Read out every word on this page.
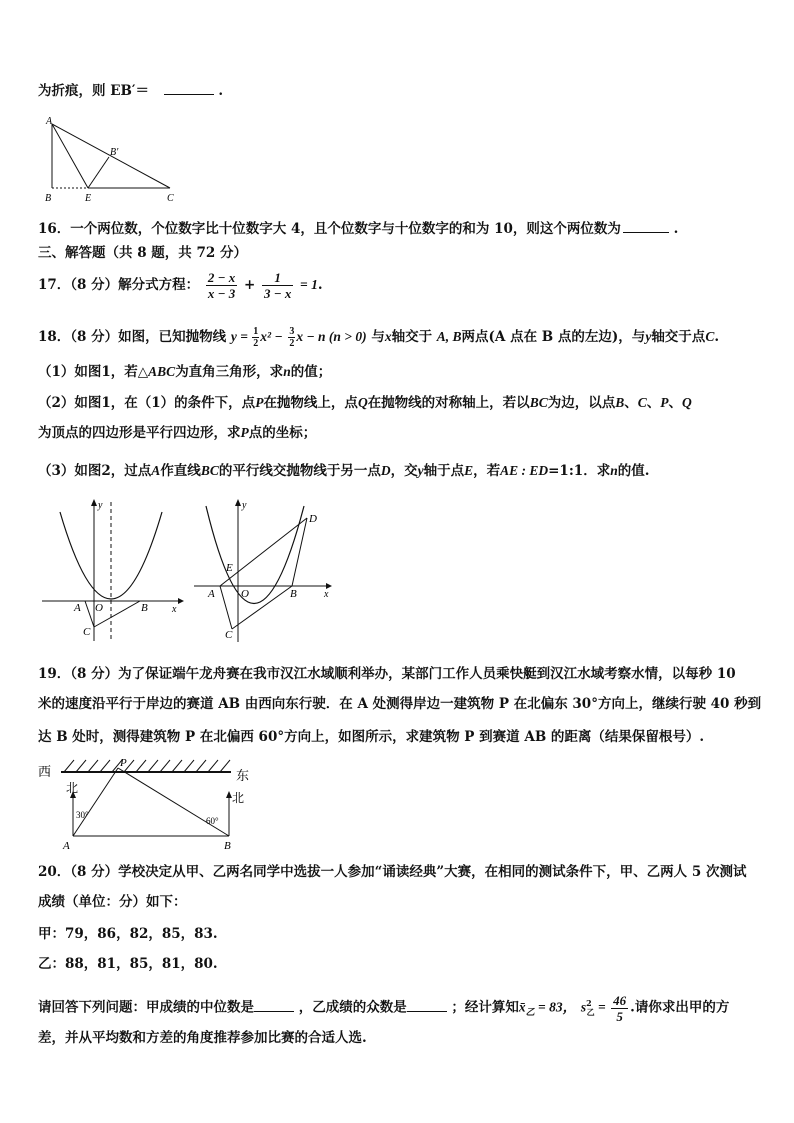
为折痕，则 EB′＝	.
A
B	E	C
B′
16．一个两位数，个位数字比十位数字大 4，且个位数字与十位数字的和为 10，则这个两位数为	.
三、解答题（共 8 题，共 72 分）
17．（8 分）解分式方程： $\frac{2 - x}{x - 3} + \frac{1}{3 - x} = 1$.
18．（8 分）如图，已知抛物线 $y = \frac{1}{2} x^2 - \frac{3}{2}$ x − n (n > 0) 与x轴交于 A, B两点(A 点在 B 点的左边)，与y轴交于点C.
（1）如图1，若△ABC为直角三角形，求n的值；
（2）如图1，在（1）的条件下，点P在抛物线上，点Q在抛物线的对称轴上，若以BC为边，以点B、C、P、Q
为顶点的四边形是平行四边形，求P点的坐标；
（3）如图2，过点A作直线BC的平行线交抛物线于另一点D，交y轴于点E，若AE : ED=1:1．求n的值.
y
x
A O	B
C
y
x
A O	B
C
D
E
19．（8 分）为了保证端午龙舟赛在我市汉江水域顺利举办，某部门工作人员乘快艇到汉江水域考察水情，以每秒 10
米的速度沿平行于岸边的赛道 AB 由西向东行驶．在 A 处测得岸边一建筑物 P 在北偏东 30°方向上，继续行驶 40 秒到
达 B 处时，测得建筑物 P 在北偏西 60°方向上，如图所示，求建筑物 P 到赛道 AB 的距离（结果保留根号）.
西	东
北
北
P
A	B
30°
60°
20．（8 分）学校决定从甲、乙两名同学中选拔一人参加“诵读经典”大赛，在相同的测试条件下，甲、乙两人 5 次测试
成绩（单位：分）如下：
甲：79，86，82，85，83.
乙：88，81，85，81，80.
请回答下列问题：甲成绩的中位数是	，乙成绩的众数是	；经计算知$x̄_乙 = 83$， $s^2_乙 = \frac{46}{5}$ .请你求出甲的方
差，并从平均数和方差的角度推荐参加比赛的合适人选.
